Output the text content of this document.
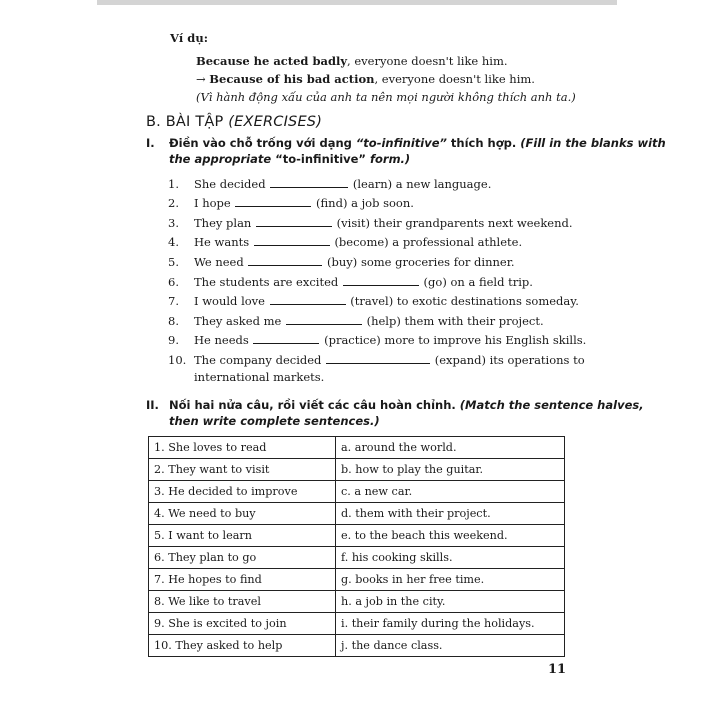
Ví dụ:
Because he acted badly, everyone doesn't like him.
→ Because of his bad action, everyone doesn't like him.
(Vì hành động xấu của anh ta nên mọi người không thích anh ta.)
B. BÀI TẬP (EXERCISES)
I. Điền vào chỗ trống với dạng “to-infinitive” thích hợp. (Fill in the blanks with
the appropriate “to-infinitive” form.)
1. She decided	(learn) a new language.
2. I hope	(find) a job soon.
3. They plan	(visit) their grandparents next weekend.
4. He wants	(become) a professional athlete.
5. We need	(buy) some groceries for dinner.
6. The students are excited	(go) on a field trip.
7. I would love	(travel) to exotic destinations someday.
8. They asked me	(help) them with their project.
9. He needs	(practice) more to improve his English skills.
10. The company decided	(expand) its operations to
international markets.
II. Nối hai nửa câu, rồi viết các câu hoàn chỉnh. (Match the sentence halves,
then write complete sentences.)
1. She loves to read	a. around the world.
2. They want to visit	b. how to play the guitar.
3. He decided to improve	c. a new car.
4. We need to buy	d. them with their project.
5. I want to learn	e. to the beach this weekend.
6. They plan to go	f. his cooking skills.
7. He hopes to find	g. books in her free time.
8. We like to travel	h. a job in the city.
9. She is excited to join	i. their family during the holidays.
10. They asked to help	j. the dance class.
11
